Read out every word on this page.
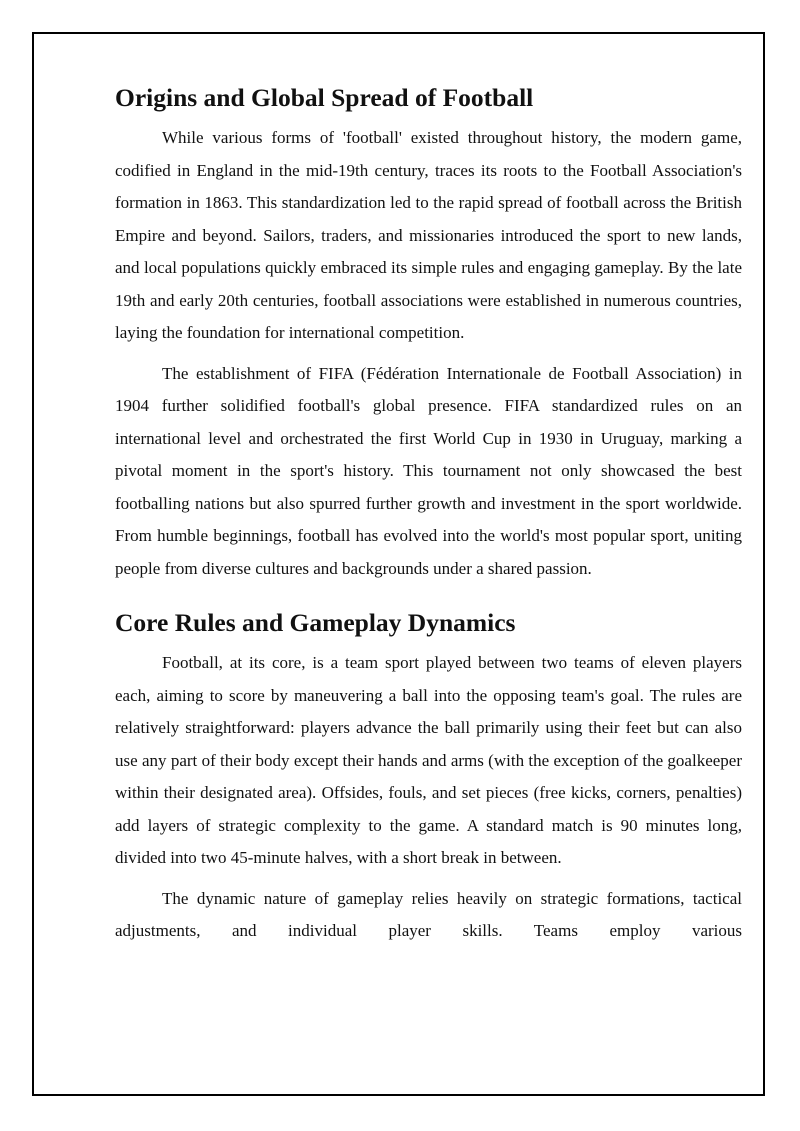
Origins and Global Spread of Football

While various forms of 'football' existed throughout history, the modern game, codified in England in the mid-19th century, traces its roots to the Football Association's formation in 1863. This standardization led to the rapid spread of football across the British Empire and beyond. Sailors, traders, and missionaries introduced the sport to new lands, and local populations quickly embraced its simple rules and engaging gameplay. By the late 19th and early 20th centuries, football associations were established in numerous countries, laying the foundation for international competition.

The establishment of FIFA (Fédération Internationale de Football Association) in 1904 further solidified football's global presence. FIFA standardized rules on an international level and orchestrated the first World Cup in 1930 in Uruguay, marking a pivotal moment in the sport's history. This tournament not only showcased the best footballing nations but also spurred further growth and investment in the sport worldwide. From humble beginnings, football has evolved into the world's most popular sport, uniting people from diverse cultures and backgrounds under a shared passion.

Core Rules and Gameplay Dynamics

Football, at its core, is a team sport played between two teams of eleven players each, aiming to score by maneuvering a ball into the opposing team's goal. The rules are relatively straightforward: players advance the ball primarily using their feet but can also use any part of their body except their hands and arms (with the exception of the goalkeeper within their designated area). Offsides, fouls, and set pieces (free kicks, corners, penalties) add layers of strategic complexity to the game. A standard match is 90 minutes long, divided into two 45-minute halves, with a short break in between.

The dynamic nature of gameplay relies heavily on strategic formations, tactical adjustments, and individual player skills. Teams employ various
